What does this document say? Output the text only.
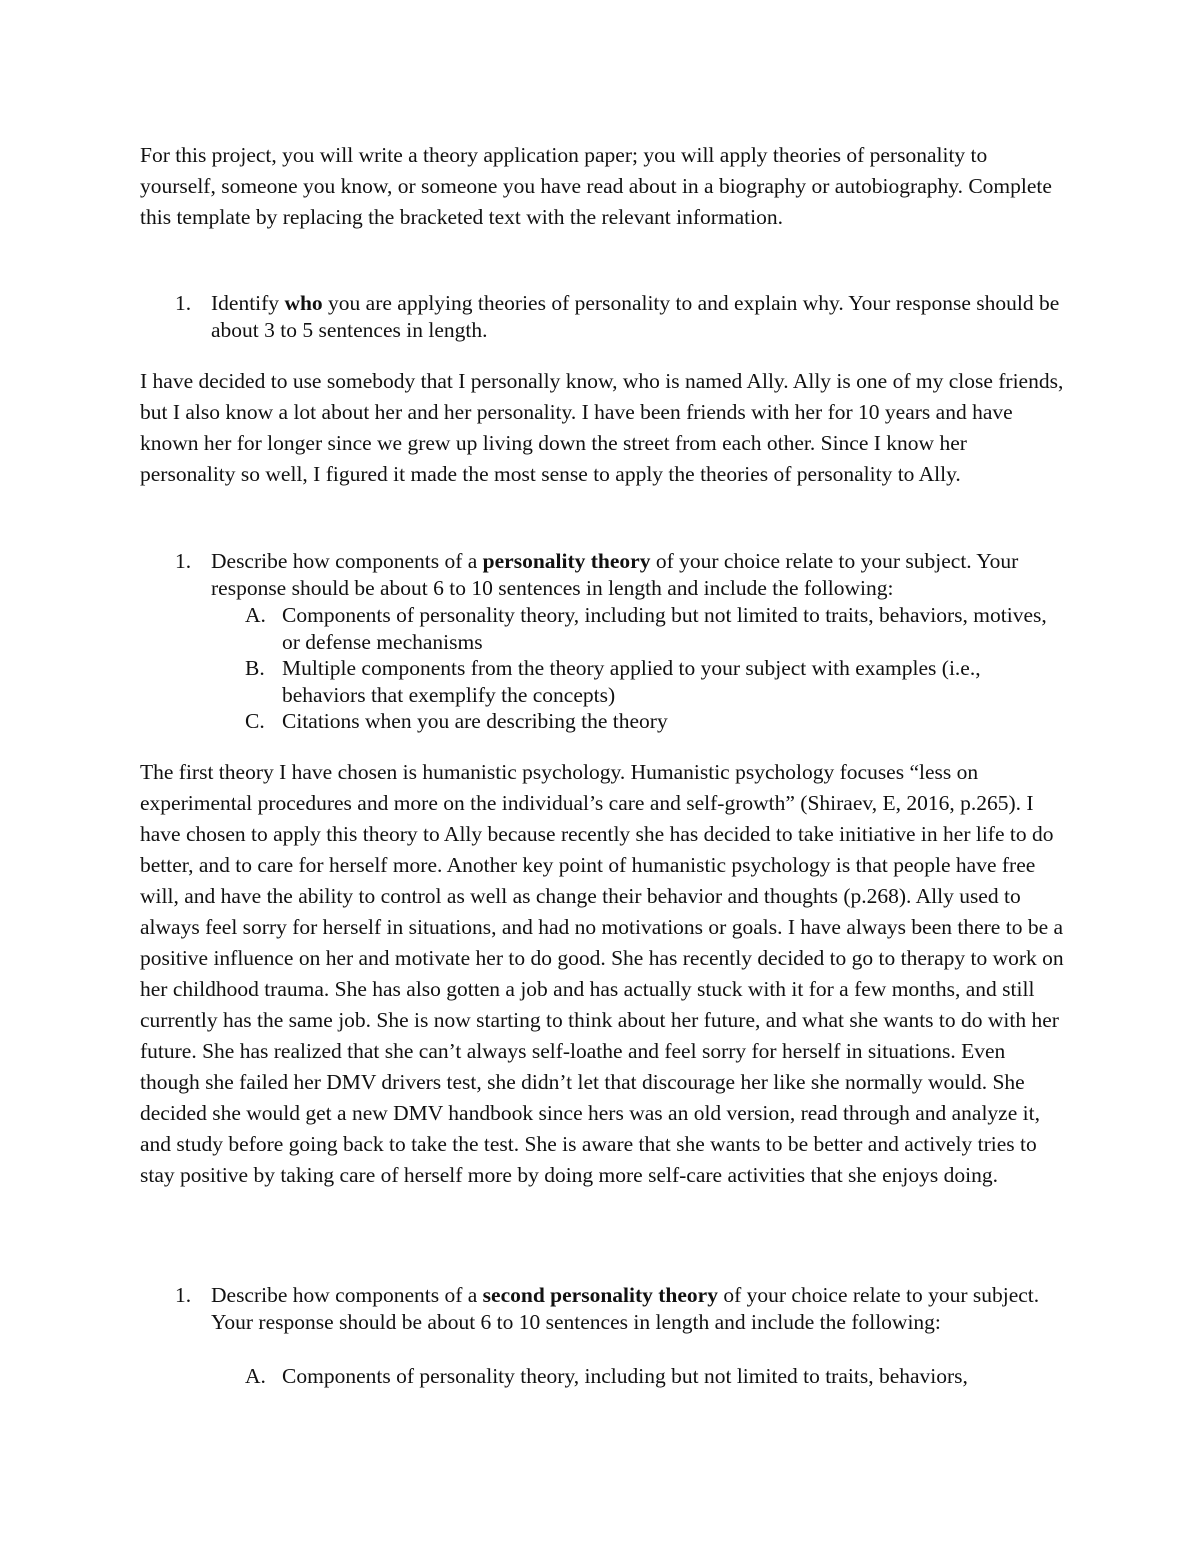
For this project, you will write a theory application paper; you will apply theories of personality to yourself, someone you know, or someone you have read about in a biography or autobiography. Complete this template by replacing the bracketed text with the relevant information.

1. Identify who you are applying theories of personality to and explain why. Your response should be about 3 to 5 sentences in length.

I have decided to use somebody that I personally know, who is named Ally. Ally is one of my close friends, but I also know a lot about her and her personality. I have been friends with her for 10 years and have known her for longer since we grew up living down the street from each other. Since I know her personality so well, I figured it made the most sense to apply the theories of personality to Ally.

1. Describe how components of a personality theory of your choice relate to your subject. Your response should be about 6 to 10 sentences in length and include the following:
A. Components of personality theory, including but not limited to traits, behaviors, motives, or defense mechanisms
B. Multiple components from the theory applied to your subject with examples (i.e., behaviors that exemplify the concepts)
C. Citations when you are describing the theory

The first theory I have chosen is humanistic psychology. Humanistic psychology focuses “less on experimental procedures and more on the individual’s care and self-growth” (Shiraev, E, 2016, p.265). I have chosen to apply this theory to Ally because recently she has decided to take initiative in her life to do better, and to care for herself more. Another key point of humanistic psychology is that people have free will, and have the ability to control as well as change their behavior and thoughts (p.268). Ally used to always feel sorry for herself in situations, and had no motivations or goals. I have always been there to be a positive influence on her and motivate her to do good. She has recently decided to go to therapy to work on her childhood trauma. She has also gotten a job and has actually stuck with it for a few months, and still currently has the same job. She is now starting to think about her future, and what she wants to do with her future. She has realized that she can’t always self-loathe and feel sorry for herself in situations. Even though she failed her DMV drivers test, she didn’t let that discourage her like she normally would. She decided she would get a new DMV handbook since hers was an old version, read through and analyze it, and study before going back to take the test. She is aware that she wants to be better and actively tries to stay positive by taking care of herself more by doing more self-care activities that she enjoys doing.

1. Describe how components of a second personality theory of your choice relate to your subject. Your response should be about 6 to 10 sentences in length and include the following:
A. Components of personality theory, including but not limited to traits, behaviors,
